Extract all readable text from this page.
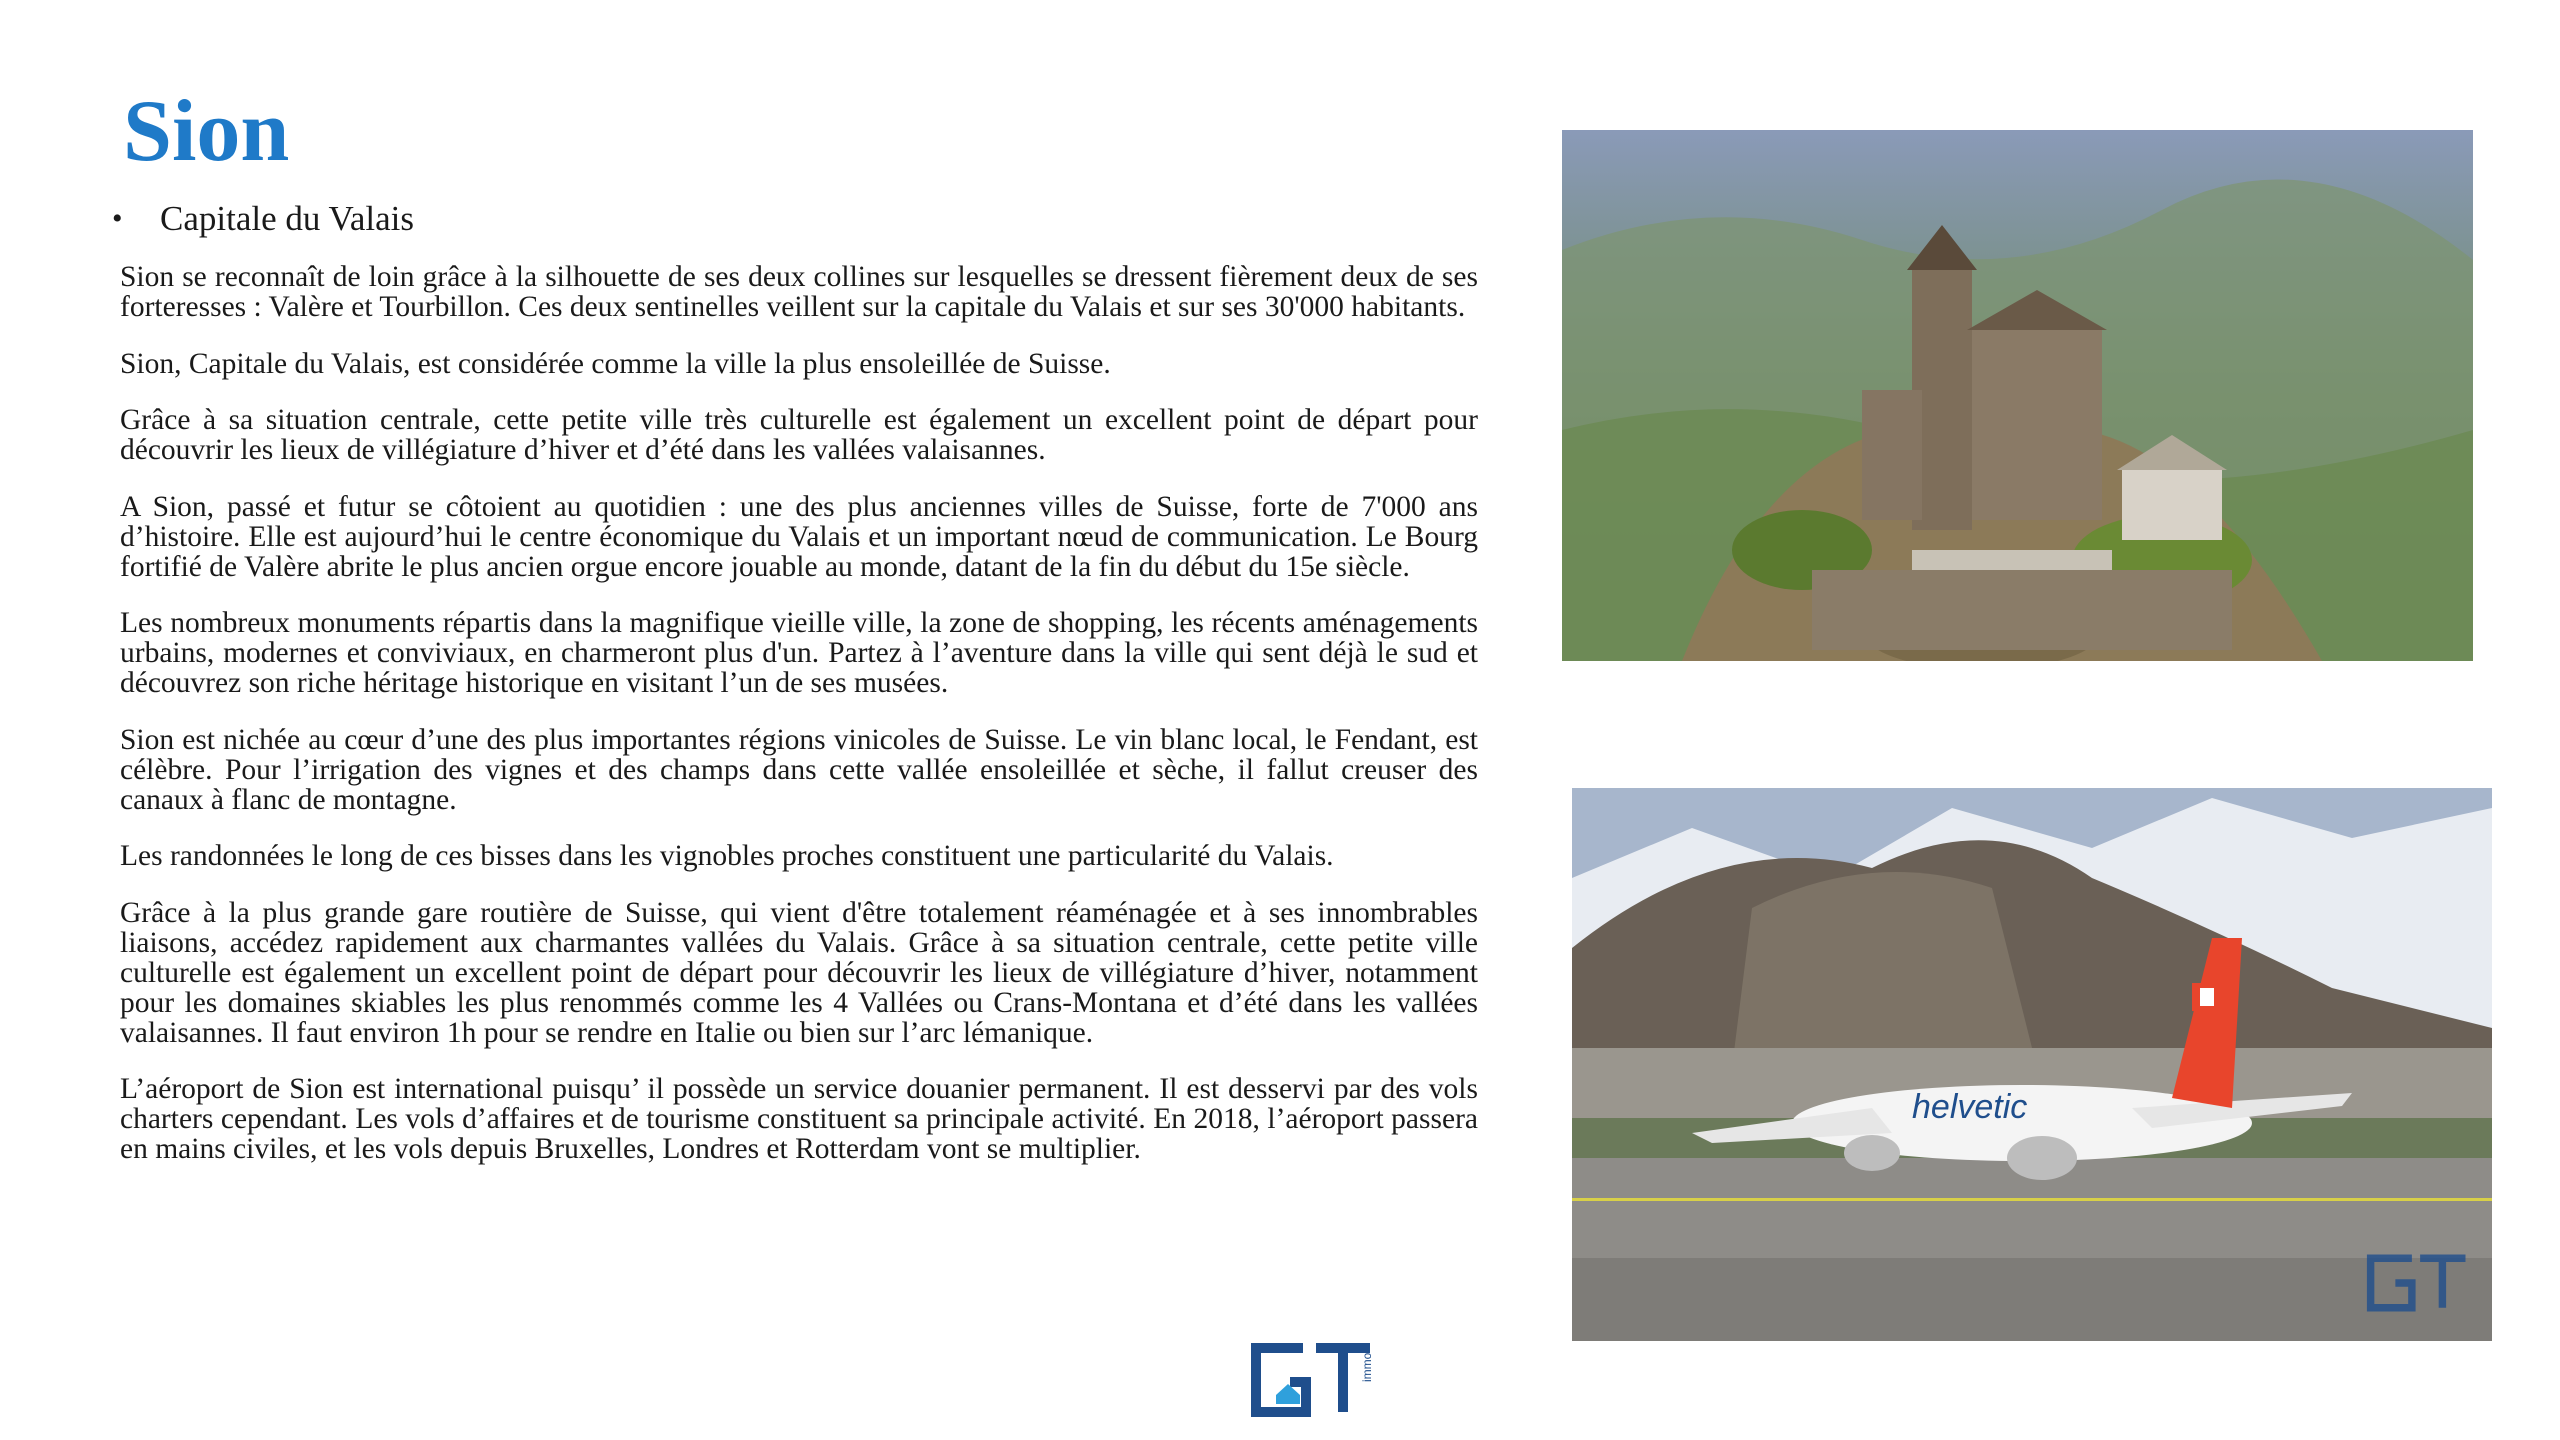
Sion
•	Capitale du Valais

Sion se reconnaît de loin grâce à la silhouette de ses deux collines sur lesquelles se dressent fièrement deux de ses forteresses : Valère et Tourbillon. Ces deux sentinelles veillent sur la capitale du Valais et sur ses 30'000 habitants.

Sion, Capitale du Valais, est considérée comme la ville la plus ensoleillée de Suisse.

Grâce à sa situation centrale, cette petite ville très culturelle est également un excellent point de départ pour découvrir les lieux de villégiature d’hiver et d’été dans les vallées valaisannes.

A Sion, passé et futur se côtoient au quotidien : une des plus anciennes villes de Suisse, forte de 7'000 ans d’histoire. Elle est aujourd’hui le centre économique du Valais et un important nœud de communication. Le Bourg fortifié de Valère abrite le plus ancien orgue encore jouable au monde, datant de la fin du début du 15e siècle.

Les nombreux monuments répartis dans la magnifique vieille ville, la zone de shopping, les récents aménagements urbains, modernes et conviviaux, en charmeront plus d'un. Partez à l’aventure dans la ville qui sent déjà le sud et découvrez son riche héritage historique en visitant l’un de ses musées.

Sion est nichée au cœur d’une des plus importantes régions vinicoles de Suisse. Le vin blanc local, le Fendant, est célèbre. Pour l’irrigation des vignes et des champs dans cette vallée ensoleillée et sèche, il fallut creuser des canaux à flanc de montagne.

Les randonnées le long de ces bisses dans les vignobles proches constituent une particularité du Valais.

Grâce à la plus grande gare routière de Suisse, qui vient d'être totalement réaménagée et à ses innombrables liaisons, accédez rapidement aux charmantes vallées du Valais. Grâce à sa situation centrale, cette petite ville culturelle est également un excellent point de départ pour découvrir les lieux de villégiature d’hiver, notamment pour les domaines skiables les plus renommés comme les 4 Vallées ou Crans-Montana et d’été dans les vallées valaisannes. Il faut environ 1h pour se rendre en Italie ou bien sur l’arc lémanique.

L’aéroport de Sion est international puisqu’ il possède un service douanier permanent. Il est desservi par des vols charters cependant. Les vols d’affaires et de tourisme constituent sa principale activité. En 2018, l’aéroport passera en mains civiles, et les vols depuis Bruxelles, Londres et Rotterdam vont se multiplier.

helvetic
immo
